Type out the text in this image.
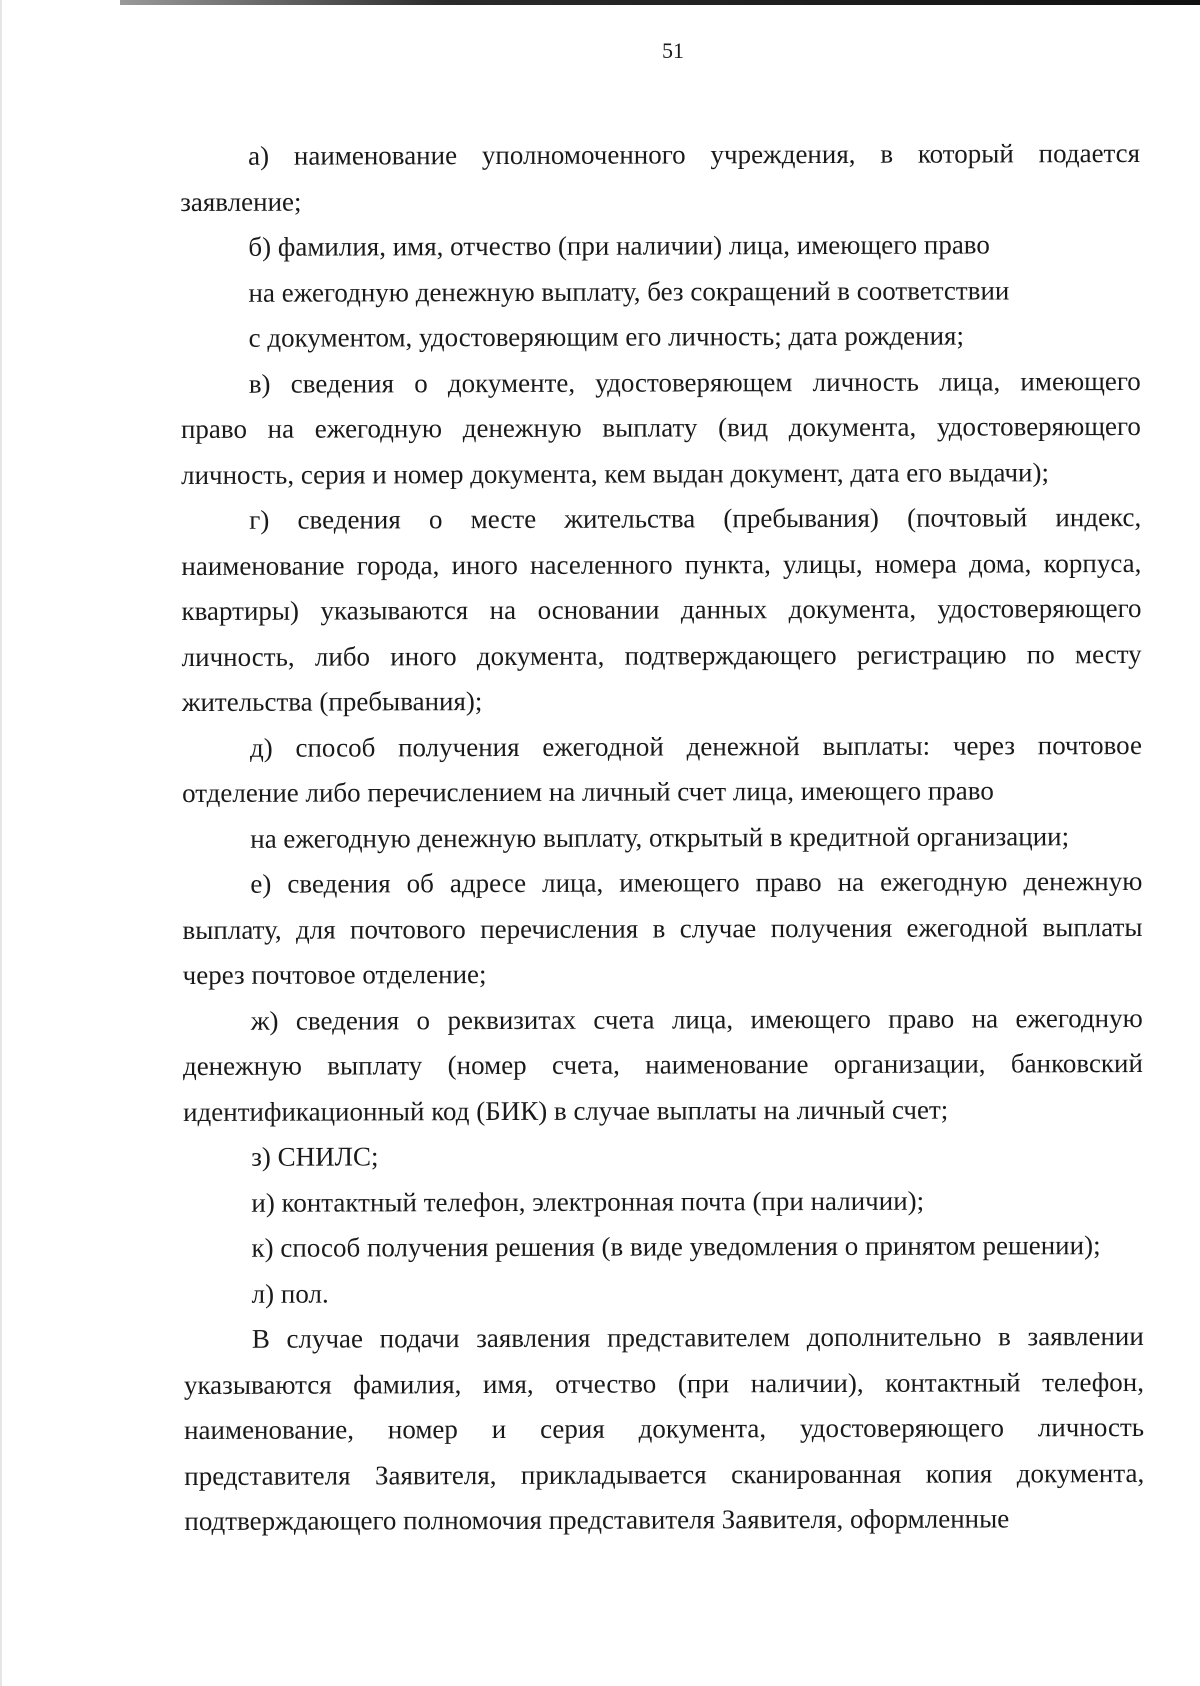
51
а) наименование уполномоченного учреждения, в который подается
заявление;
б) фамилия, имя, отчество (при наличии) лица, имеющего право
на ежегодную денежную выплату, без сокращений в соответствии
с документом, удостоверяющим его личность; дата рождения;
в) сведения о документе, удостоверяющем личность лица, имеющего
право на ежегодную денежную выплату (вид документа, удостоверяющего
личность, серия и номер документа, кем выдан документ, дата его выдачи);
г) сведения о месте жительства (пребывания) (почтовый индекс,
наименование города, иного населенного пункта, улицы, номера дома, корпуса,
квартиры) указываются на основании данных документа, удостоверяющего
личность, либо иного документа, подтверждающего регистрацию по месту
жительства (пребывания);
д) способ получения ежегодной денежной выплаты: через почтовое
отделение либо перечислением на личный счет лица, имеющего право
на ежегодную денежную выплату, открытый в кредитной организации;
е) сведения об адресе лица, имеющего право на ежегодную денежную
выплату, для почтового перечисления в случае получения ежегодной выплаты
через почтовое отделение;
ж) сведения о реквизитах счета лица, имеющего право на ежегодную
денежную выплату (номер счета, наименование организации, банковский
идентификационный код (БИК) в случае выплаты на личный счет;
з) СНИЛС;
и) контактный телефон, электронная почта (при наличии);
к) способ получения решения (в виде уведомления о принятом решении);
л) пол.
В случае подачи заявления представителем дополнительно в заявлении
указываются фамилия, имя, отчество (при наличии), контактный телефон,
наименование, номер и серия документа, удостоверяющего личность
представителя Заявителя, прикладывается сканированная копия документа,
подтверждающего полномочия представителя Заявителя, оформленные
